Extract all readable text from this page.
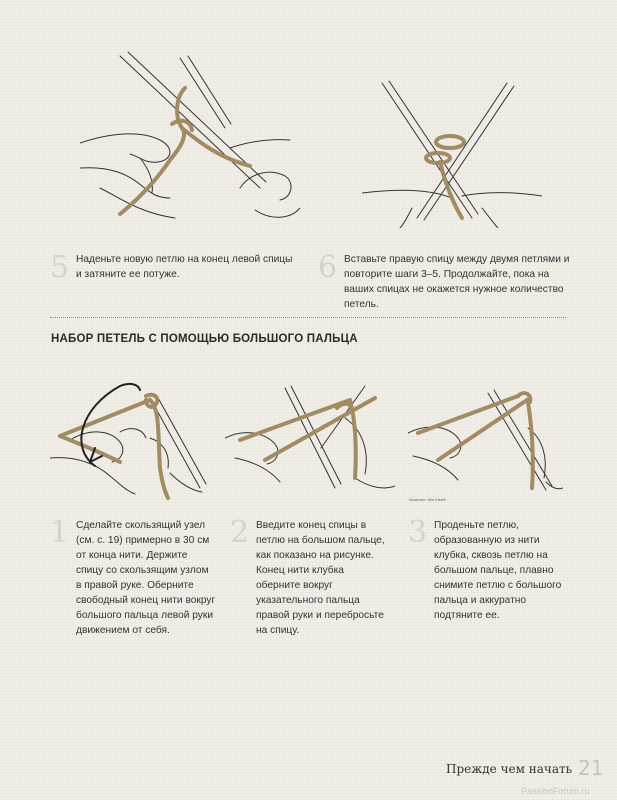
5 Наденьте новую петлю на конец левой спицы и затяните ее потуже.	6 Вставьте правую спицу между двумя петлями и повторите шаги 3–5. Продолжайте, пока на ваших спицах не окажется нужное количество петель.
НАБОР ПЕТЕЛЬ С ПОМОЩЬЮ БОЛЬШОГО ПАЛЬЦА
Illustrator: Mia Kikelli
1 Сделайте скользящий узел (см. с. 19) примерно в 30 см от конца нити. Держите спицу со скользящим узлом в правой руке. Оберните свободный конец нити вокруг большого пальца левой руки движением от себя.
2 Введите конец спицы в петлю на большом пальце, как показано на рисунке. Конец нити клубка оберните вокруг указательного пальца правой руки и перебросьте на спицу.
3 Проденьте петлю, образованную из нити клубка, сквозь петлю на большом пальце, плавно снимите петлю с большого пальца и аккуратно подтяните ее.
Прежде чем начать 21
PassionForum.ru
